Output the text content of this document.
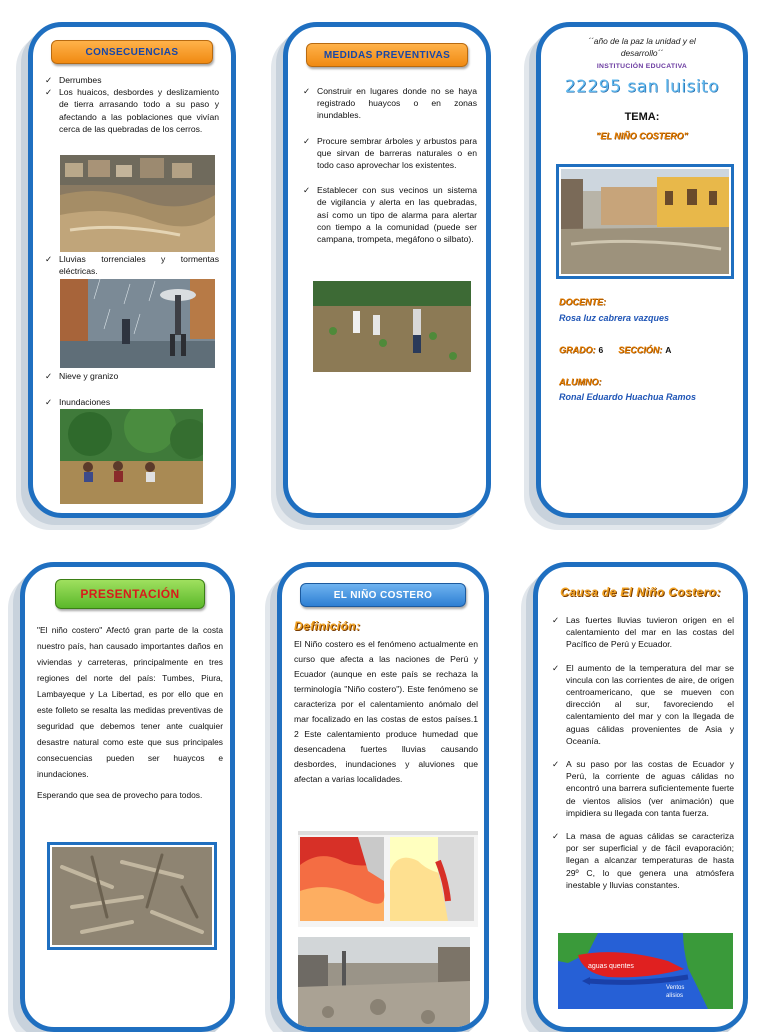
CONSECUENCIAS
✓ Derrumbes
✓ Los huaicos, desbordes y deslizamiento de tierra arrasando todo a su paso y afectando a las poblaciones que vivían cerca de las quebradas de los cerros.
✓ Lluvias torrenciales y tormentas eléctricas.
✓ Nieve y granizo
✓ Inundaciones
MEDIDAS PREVENTIVAS
✓ Construir en lugares donde no se haya registrado huaycos o en zonas inundables.
✓ Procure sembrar árboles y arbustos para que sirvan de barreras naturales o en todo caso aprovechar los existentes.
✓ Establecer con sus vecinos un sistema de vigilancia y alerta en las quebradas, así como un tipo de alarma para alertar con tiempo a la comunidad (puede ser campana, trompeta, megáfono o silbato).
´´año de la paz la unidad y el
desarrollo´´
INSTITUCIÓN EDUCATIVA
22295 san luisito
TEMA:
"EL NIÑO COSTERO"
DOCENTE:
Rosa luz cabrera vazques
GRADO: 6 SECCIÓN: A
ALUMNO:
Ronal Eduardo Huachua Ramos
PRESENTACIÓN
"El niño costero" Afectó gran parte de la costa nuestro país, han causado importantes daños en viviendas y carreteras, principalmente en tres regiones del norte del país: Tumbes, Piura, Lambayeque y La Libertad, es por ello que en este folleto se resalta las medidas preventivas de seguridad que debemos tener ante cualquier desastre natural como este que sus principales consecuencias pueden ser huaycos e inundaciones.
Esperando que sea de provecho para todos.
EL NIÑO COSTERO
Definición:
El Niño costero es el fenómeno actualmente en curso que afecta a las naciones de Perú y Ecuador (aunque en este país se rechaza la terminología "Niño costero"). Este fenómeno se caracteriza por el calentamiento anómalo del mar focalizado en las costas de estos países.1 2 Este calentamiento produce humedad que desencadena fuertes lluvias causando desbordes, inundaciones y aluviones que afectan a varias localidades.
Causa de El Niño Costero:
✓ Las fuertes lluvias tuvieron origen en el calentamiento del mar en las costas del Pacífico de Perú y Ecuador.
✓ El aumento de la temperatura del mar se vincula con las corrientes de aire, de origen centroamericano, que se mueven con dirección al sur, favoreciendo el calentamiento del mar y con la llegada de aguas cálidas provenientes de Asia y Oceanía.
✓ A su paso por las costas de Ecuador y Perú, la corriente de aguas cálidas no encontró una barrera suficientemente fuerte de vientos alisios (ver animación) que impidiera su llegada con tanta fuerza.
✓ La masa de aguas cálidas se caracteriza por ser superficial y de fácil evaporación; llegan a alcanzar temperaturas de hasta 29º C, lo que genera una atmósfera inestable y lluvias constantes.
aguas quentes
Ventos
alísios
